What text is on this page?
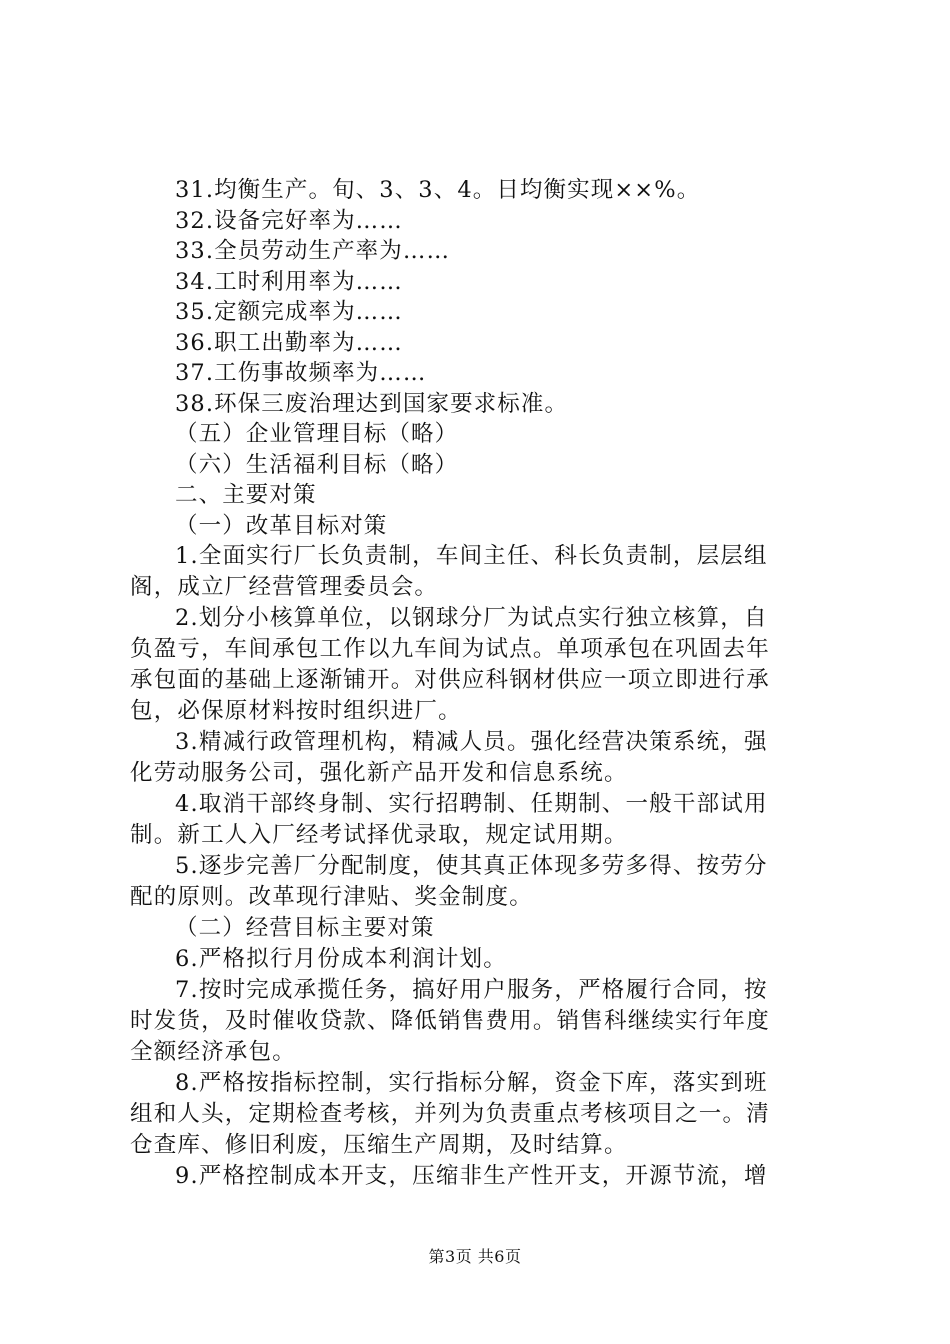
31.均衡生产。旬、3、3、4。日均衡实现××%。
32.设备完好率为……
33.全员劳动生产率为……
34.工时利用率为……
35.定额完成率为……
36.职工出勤率为……
37.工伤事故频率为……
38.环保三废治理达到国家要求标准。
（五）企业管理目标（略）
（六）生活福利目标（略）
二、主要对策
（一）改革目标对策
1.全面实行厂长负责制，车间主任、科长负责制，层层组
阁，成立厂经营管理委员会。
2.划分小核算单位，以钢球分厂为试点实行独立核算，自
负盈亏，车间承包工作以九车间为试点。单项承包在巩固去年
承包面的基础上逐渐铺开。对供应科钢材供应一项立即进行承
包，必保原材料按时组织进厂。
3.精减行政管理机构，精减人员。强化经营决策系统，强
化劳动服务公司，强化新产品开发和信息系统。
4.取消干部终身制、实行招聘制、任期制、一般干部试用
制。新工人入厂经考试择优录取，规定试用期。
5.逐步完善厂分配制度，使其真正体现多劳多得、按劳分
配的原则。改革现行津贴、奖金制度。
（二）经营目标主要对策
6.严格拟行月份成本利润计划。
7.按时完成承揽任务，搞好用户服务，严格履行合同，按
时发货，及时催收贷款、降低销售费用。销售科继续实行年度
全额经济承包。
8.严格按指标控制，实行指标分解，资金下库，落实到班
组和人头，定期检查考核，并列为负责重点考核项目之一。清
仓查库、修旧利废，压缩生产周期，及时结算。
9.严格控制成本开支，压缩非生产性开支，开源节流，增
第3页 共6页
